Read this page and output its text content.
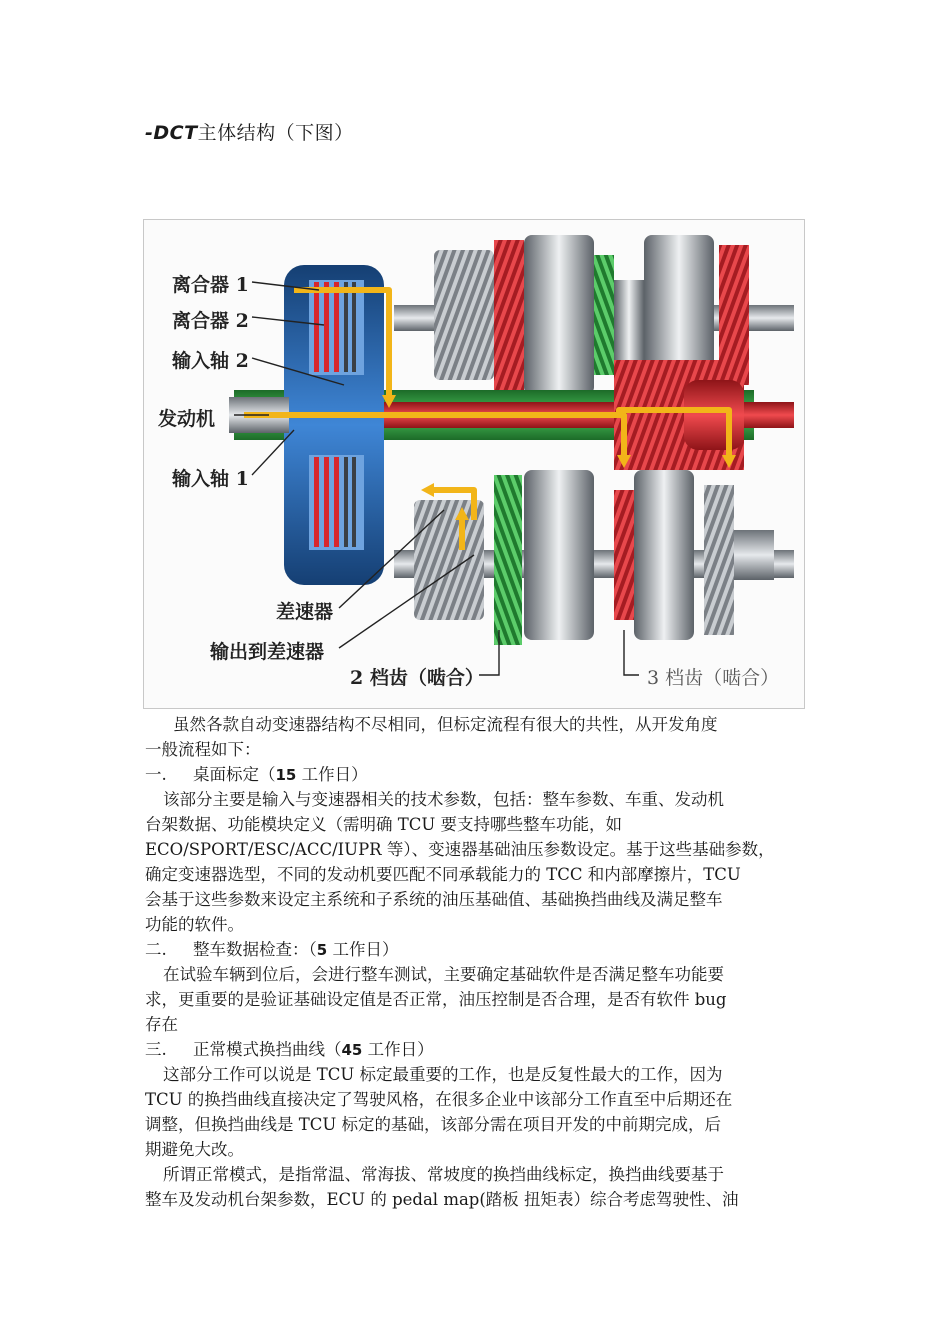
-DCT主体结构（下图）
离合器 1
离合器 2
输入轴 2
发动机
输入轴 1
差速器
输出到差速器
2 档齿（啮合）	3 档齿（啮合）
虽然各款自动变速器结构不尽相同，但标定流程有很大的共性，从开发角度
一般流程如下：
一. 桌面标定（15 工作日）
该部分主要是输入与变速器相关的技术参数，包括：整车参数、车重、发动机
台架数据、功能模块定义（需明确 TCU 要支持哪些整车功能，如
ECO/SPORT/ESC/ACC/IUPR 等）、变速器基础油压参数设定。基于这些基础参数，
确定变速器选型，不同的发动机要匹配不同承载能力的 TCC 和内部摩擦片，TCU
会基于这些参数来设定主系统和子系统的油压基础值、基础换挡曲线及满足整车
功能的软件。
二. 整车数据检查：（5 工作日）
在试验车辆到位后，会进行整车测试，主要确定基础软件是否满足整车功能要
求，更重要的是验证基础设定值是否正常，油压控制是否合理，是否有软件 bug
存在
三. 正常模式换挡曲线（45 工作日）
这部分工作可以说是 TCU 标定最重要的工作，也是反复性最大的工作，因为
TCU 的换挡曲线直接决定了驾驶风格，在很多企业中该部分工作直至中后期还在
调整，但换挡曲线是 TCU 标定的基础，该部分需在项目开发的中前期完成，后
期避免大改。
所谓正常模式，是指常温、常海拔、常坡度的换挡曲线标定，换挡曲线要基于
整车及发动机台架参数，ECU 的 pedal map(踏板 扭矩表）综合考虑驾驶性、油
